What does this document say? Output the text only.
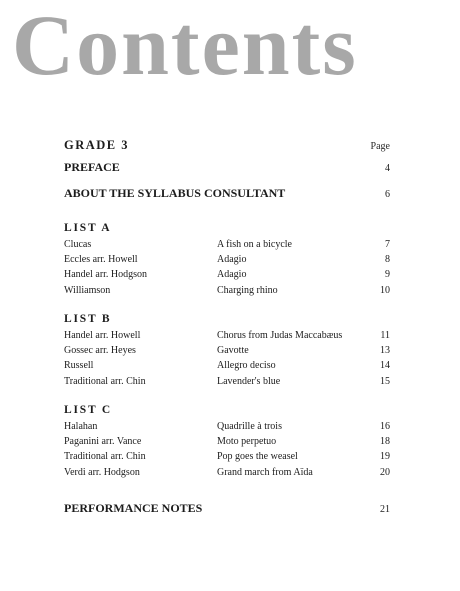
Contents
GRADE 3	Page
PREFACE	4
ABOUT THE SYLLABUS CONSULTANT	6
LIST A
Clucas	A fish on a bicycle	7
Eccles arr. Howell	Adagio	8
Handel arr. Hodgson	Adagio	9
Williamson	Charging rhino	10
LIST B
Handel arr. Howell	Chorus from Judas Maccabæus	11
Gossec arr. Heyes	Gavotte	13
Russell	Allegro deciso	14
Traditional arr. Chin	Lavender's blue	15
LIST C
Halahan	Quadrille à trois	16
Paganini arr. Vance	Moto perpetuo	18
Traditional arr. Chin	Pop goes the weasel	19
Verdi arr. Hodgson	Grand march from Aïda	20
PERFORMANCE NOTES	21
